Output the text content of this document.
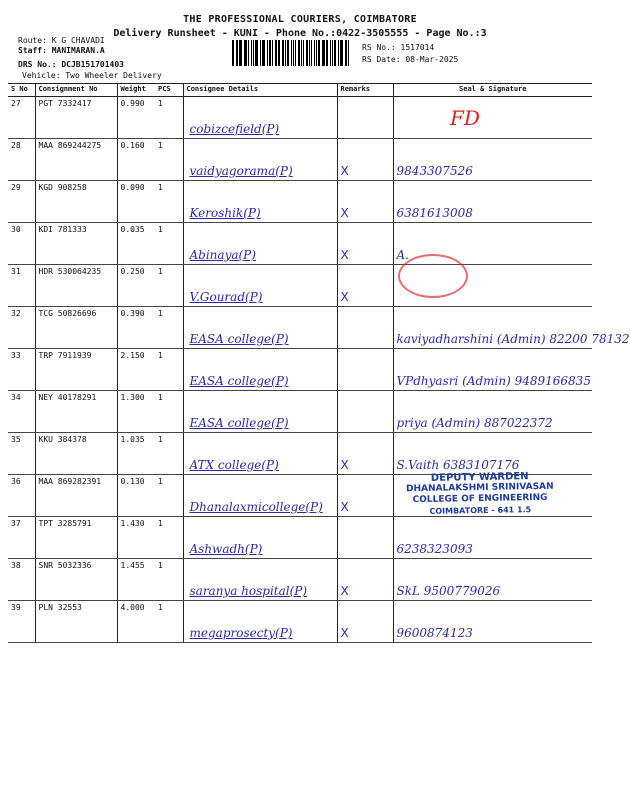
THE PROFESSIONAL COURIERS, COIMBATORE
Delivery Runsheet - KUNI - Phone No.:0422-3505555 - Page No.:3
Route: K G CHAVADI
Staff: MANIMARAN.A
DRS No.: DCJB151701403
Vehicle: Two Wheeler Delivery
RS No.: 1517014
RS Date: 08-Mar-2025
S No	Consignment No	Weight	PCS	Consignee Details	Remarks	Seal & Signature
27	PGT 7332417	0.990	1	cobizcefield(P)		

28	MAA 869244275	0.160	1	vaidyagorama(P)	X	9843307526
29	KGD 908258	0.090	1	Keroshik(P)	X	6381613008
30	KDI 781333	0.035	1	Abinaya(P)	X	A.
31	HDR 530064235	0.250	1	V.Gourad(P)	X	
32	TCG 50826696	0.390	1	EASA college(P)		kaviyadharshini (Admin) 82200 78132
33	TRP 7911939	2.150	1	EASA college(P)		VPdhyasri (Admin) 9489166835
34	NEY 40178291	1.300	1	EASA college(P)		priya (Admin) 887022372
35	KKU 384378	1.035	1	ATX college(P)	X	S.Vaith 6383107176
36	MAA 869282391	0.130	1	Dhanalaxmicollege(P)	X	
37	TPT 3285791	1.430	1	Ashwadh(P)		6238323093
38	SNR 5032336	1.455	1	saranya hospital(P)	X	SkL 9500779026
39	PLN 32553	4.000	1	megaprosecty(P)	X	9600874123
FD
DEPUTY WARDEN
DHANALAKSHMI SRINIVASAN
COLLEGE OF ENGINEERING
COIMBATORE - 641 1.5
